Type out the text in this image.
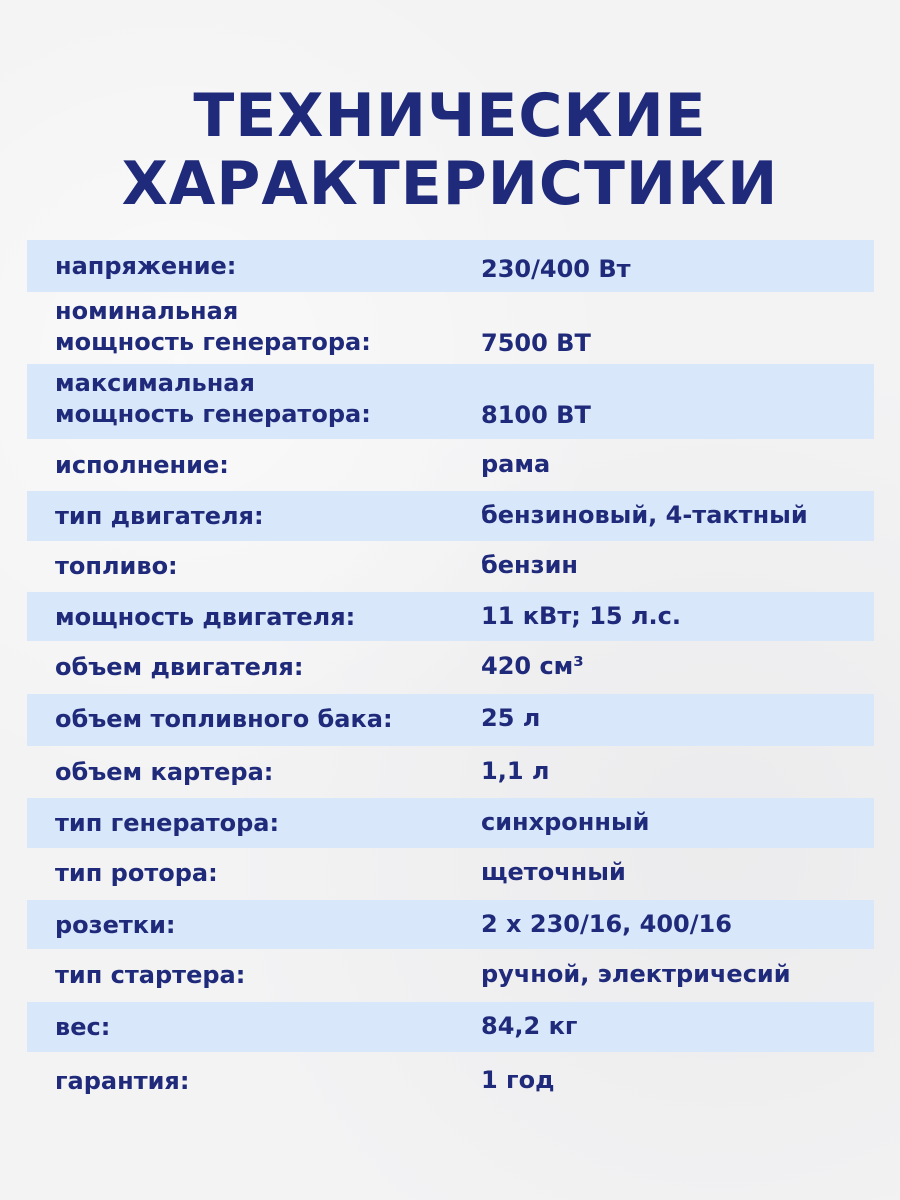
ТЕХНИЧЕСКИЕ
ХАРАКТЕРИСТИКИ
напряжение:	230/400 Вт
номинальная
мощность генератора:	7500 ВТ
максимальная
мощность генератора:	8100 ВТ
исполнение:	рама
тип двигателя:	бензиновый, 4-тактный
топливо:	бензин
мощность двигателя:	11 кВт; 15 л.с.
объем двигателя:	420 см³
объем топливного бака:	25 л
объем картера:	1,1 л
тип генератора:	синхронный
тип ротора:	щеточный
розетки:	2 х 230/16, 400/16
тип стартера:	ручной, электричесий
вес:	84,2 кг
гарантия:	1 год
